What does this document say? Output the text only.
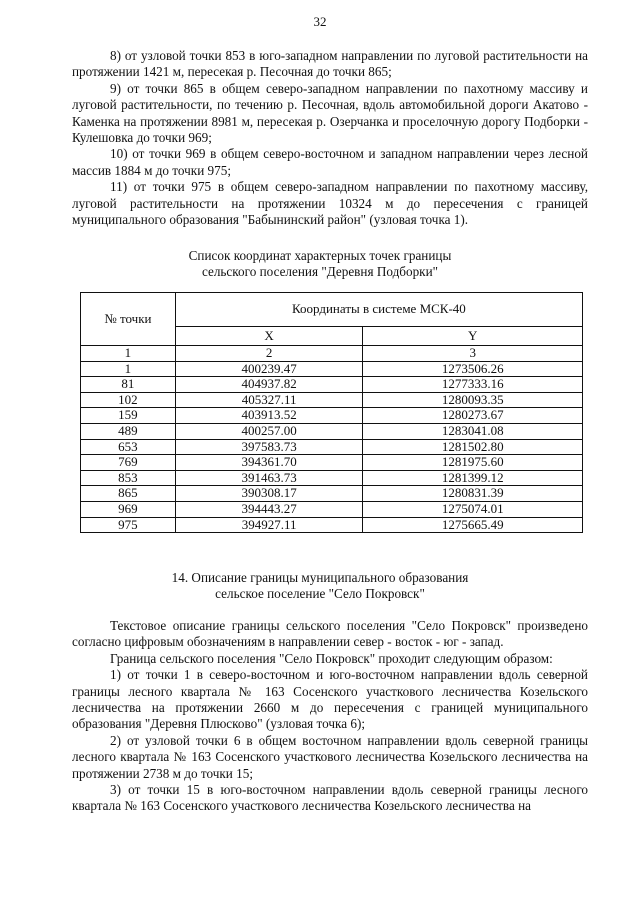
32

8) от узловой точки 853 в юго-западном направлении по луговой растительности на протяжении 1421 м, пересекая р. Песочная до точки 865;

9) от точки 865 в общем северо-западном направлении по пахотному массиву и луговой растительности, по течению р. Песочная, вдоль автомобильной дороги Акатово - Каменка на протяжении 8981 м, пересекая р. Озерчанка и проселочную дорогу Подборки - Кулешовка до точки 969;

10) от точки 969 в общем северо-восточном и западном направлении через лесной массив 1884 м до точки 975;

11) от точки 975 в общем северо-западном направлении по пахотному массиву, луговой растительности на протяжении 10324 м до пересечения с границей муниципального образования "Бабынинский район" (узловая точка 1).

Список координат характерных точек границы
сельского поселения "Деревня Подборки"
№ точки	Координаты в системе МСК-40	
	X	Y
1	2	3
1	400239.47	1273506.26
81	404937.82	1277333.16
102	405327.11	1280093.35
159	403913.52	1280273.67
489	400257.00	1283041.08
653	397583.73	1281502.80
769	394361.70	1281975.60
853	391463.73	1281399.12
865	390308.17	1280831.39
969	394443.27	1275074.01
975	394927.11	1275665.49
14. Описание границы муниципального образования
сельское поселение "Село Покровск"

Текстовое описание границы сельского поселения "Село Покровск" произведено согласно цифровым обозначениям в направлении север - восток - юг - запад.

Граница сельского поселения "Село Покровск" проходит следующим образом:

1) от точки 1 в северо-восточном и юго-восточном направлении вдоль северной границы лесного квартала № 163 Сосенского участкового лесничества Козельского лесничества на протяжении 2660 м до пересечения с границей муниципального образования "Деревня Плюсково" (узловая точка 6);

2) от узловой точки 6 в общем восточном направлении вдоль северной границы лесного квартала № 163 Сосенского участкового лесничества Козельского лесничества на протяжении 2738 м до точки 15;

3) от точки 15 в юго-восточном направлении вдоль северной границы лесного квартала № 163 Сосенского участкового лесничества Козельского лесничества на
